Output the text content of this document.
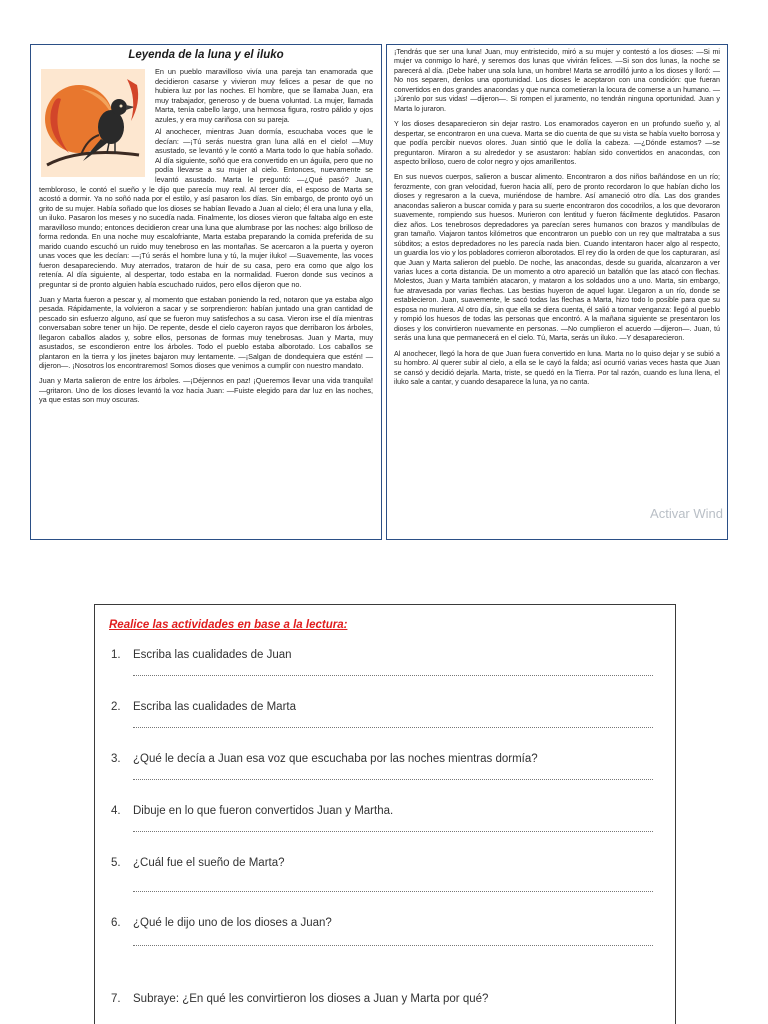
Leyenda de la luna y el iluko

En un pueblo maravilloso vivía una pareja tan enamorada que decidieron casarse y vivieron muy felices a pesar de que no hubiera luz por las noches. El hombre, que se llamaba Juan, era muy trabajador, generoso y de buena voluntad. La mujer, llamada Marta, tenía cabello largo, una hermosa figura, rostro pálido y ojos azules, y era muy cariñosa con su pareja.

Al anochecer, mientras Juan dormía, escuchaba voces que le decían: —¡Tú serás nuestra gran luna allá en el cielo! —Muy asustado, se levantó y le contó a Marta todo lo que había soñado. Al día siguiente, soñó que era convertido en un águila, pero que no podía llevarse a su mujer al cielo. Entonces, nuevamente se levantó asustado. Marta le preguntó: —¿Qué pasó? Juan, tembloroso, le contó el sueño y le dijo que parecía muy real. Al tercer día, el esposo de Marta se acostó a dormir. Ya no soñó nada por el estilo, y así pasaron los días. Sin embargo, de pronto oyó un grito de su mujer. Había soñado que los dioses se habían llevado a Juan al cielo; él era una luna y ella, un iluko. Pasaron los meses y no sucedía nada. Finalmente, los dioses vieron que faltaba algo en este maravilloso mundo; entonces decidieron crear una luna que alumbrase por las noches: algo brilloso de forma redonda. En una noche muy escalofriante, Marta estaba preparando la comida preferida de su marido cuando escuchó un ruido muy tenebroso en las montañas. Se acercaron a la puerta y oyeron unas voces que les decían: —¡Tú serás el hombre luna y tú, la mujer iluko! —Suavemente, las voces fueron desapareciendo. Muy aterrados, trataron de huir de su casa, pero era como que algo los retenía. Al día siguiente, al despertar, todo estaba en la normalidad. Fueron donde sus vecinos a preguntar si de pronto alguien había escuchado ruidos, pero ellos dijeron que no.

Juan y Marta fueron a pescar y, al momento que estaban poniendo la red, notaron que ya estaba algo pesada. Rápidamente, la volvieron a sacar y se sorprendieron: habían juntado una gran cantidad de pescado sin esfuerzo alguno, así que se fueron muy satisfechos a su casa. Vieron irse el día mientras conversaban sobre tener un hijo. De repente, desde el cielo cayeron rayos que derribaron los árboles, llegaron caballos alados y, sobre ellos, personas de formas muy tenebrosas. Juan y Marta, muy asustados, se escondieron entre los árboles. Todo el pueblo estaba alborotado. Los caballos se plantaron en la tierra y los jinetes bajaron muy lentamente. —¡Salgan de dondequiera que estén! —dijeron—. ¡Nosotros los encontraremos! Somos dioses que venimos a cumplir con nuestro mandato.

Juan y Marta salieron de entre los árboles. —¡Déjennos en paz! ¡Queremos llevar una vida tranquila! —gritaron. Uno de los dioses levantó la voz hacia Juan: —Fuiste elegido para dar luz en las noches, ya que estas son muy oscuras.

¡Tendrás que ser una luna! Juan, muy entristecido, miró a su mujer y contestó a los dioses: —Si mi mujer va conmigo lo haré, y seremos dos lunas que vivirán felices. —Si son dos lunas, la noche se parecerá al día. ¡Debe haber una sola luna, un hombre! Marta se arrodilló junto a los dioses y lloró: —No nos separen, denlos una oportunidad. Los dioses le aceptaron con una condición: que fueran convertidos en dos grandes anacondas y que nunca cometieran la locura de comerse a un humano. —¡Júrenlo por sus vidas! —dijeron—. Si rompen el juramento, no tendrán ninguna oportunidad. Juan y Marta lo juraron.

Y los dioses desaparecieron sin dejar rastro. Los enamorados cayeron en un profundo sueño y, al despertar, se encontraron en una cueva. Marta se dio cuenta de que su vista se había vuelto borrosa y que podía percibir nuevos olores. Juan sintió que le dolía la cabeza. —¿Dónde estamos? —se preguntaron. Miraron a su alrededor y se asustaron: habían sido convertidos en anacondas, con aspecto brilloso, cuero de color negro y ojos amarillentos.

En sus nuevos cuerpos, salieron a buscar alimento. Encontraron a dos niños bañándose en un río; ferozmente, con gran velocidad, fueron hacia allí, pero de pronto recordaron lo que habían dicho los dioses y regresaron a la cueva, muriéndose de hambre. Así amaneció otro día. Las dos grandes anacondas salieron a buscar comida y para su suerte encontraron dos cocodrilos, a los que devoraron suavemente, rompiendo sus huesos. Murieron con lentitud y fueron fácilmente deglutidos. Pasaron diez años. Los tenebrosos depredadores ya parecían seres humanos con brazos y mandíbulas de gran tamaño. Viajaron tantos kilómetros que encontraron un pueblo con un rey que maltrataba a sus súbditos; a estos depredadores no les parecía nada bien. Cuando intentaron hacer algo al respecto, un guardia los vio y los pobladores corrieron alborotados. El rey dio la orden de que los capturaran, así que Juan y Marta salieron del pueblo. De noche, las anacondas, desde su guarida, alcanzaron a ver varias luces a corta distancia. De un momento a otro apareció un batallón que las atacó con flechas. Molestos, Juan y Marta también atacaron, y mataron a los soldados uno a uno. Marta, sin embargo, fue atravesada por varias flechas. Las bestias huyeron de aquel lugar. Llegaron a un río, donde se establecieron. Juan, suavemente, le sacó todas las flechas a Marta, hizo todo lo posible para que su esposa no muriera. Al otro día, sin que ella se diera cuenta, él salió a tomar venganza: llegó al pueblo y rompió los huesos de todas las personas que encontró. A la mañana siguiente se presentaron los dioses y los convirtieron nuevamente en personas. —No cumplieron el acuerdo —dijeron—. Juan, tú serás una luna que permanecerá en el cielo. Tú, Marta, serás un iluko. —Y desaparecieron.

Al anochecer, llegó la hora de que Juan fuera convertido en luna. Marta no lo quiso dejar y se subió a su hombro. Al querer subir al cielo, a ella se le cayó la falda; así ocurrió varias veces hasta que Juan se cansó y decidió dejarla. Marta, triste, se quedó en la Tierra. Por tal razón, cuando es luna llena, el iluko sale a cantar, y cuando desaparece la luna, ya no canta.

Activar Wind
Realice las actividades en base a la lectura:
1. Escriba las cualidades de Juan
2. Escriba las cualidades de Marta
3. ¿Qué le decía a Juan esa voz que escuchaba por las noches mientras dormía?
4. Dibuje en lo que fueron convertidos Juan y Martha.
5. ¿Cuál fue el sueño de Marta?
6. ¿Qué le dijo uno de los dioses a Juan?
7. Subraye: ¿En qué les convirtieron los dioses a Juan y Marta por qué?
